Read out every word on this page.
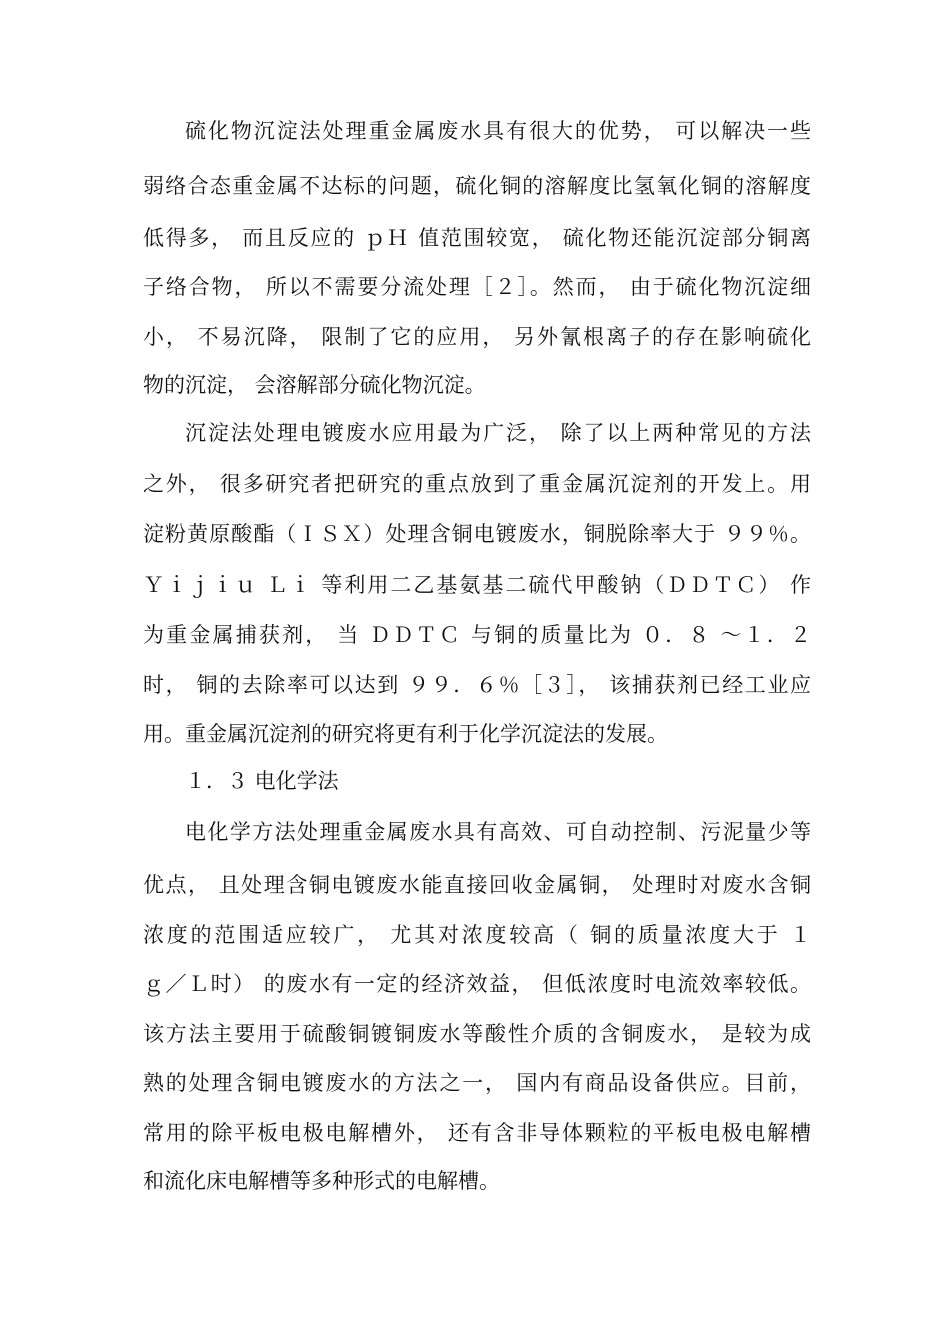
硫化物沉淀法处理重金属废水具有很大的优势， 可以解决一些
弱络合态重金属不达标的问题，硫化铜的溶解度比氢氧化铜的溶解度
低得多， 而且反应的 ｐＨ 值范围较宽， 硫化物还能沉淀部分铜离
子络合物， 所以不需要分流处理［２］。然而， 由于硫化物沉淀细
小， 不易沉降， 限制了它的应用， 另外氰根离子的存在影响硫化
物的沉淀， 会溶解部分硫化物沉淀。
沉淀法处理电镀废水应用最为广泛， 除了以上两种常见的方法
之外， 很多研究者把研究的重点放到了重金属沉淀剂的开发上。用
淀粉黄原酸酯（ＩＳＸ）处理含铜电镀废水，铜脱除率大于 ９９％。
Ｙｉｊｉｕ Ｌｉ 等利用二乙基氨基二硫代甲酸钠（ＤＤＴＣ） 作
为重金属捕获剂， 当 ＤＤＴＣ 与铜的质量比为 ０．８ ～１．２
时， 铜的去除率可以达到 ９９．６％［３］， 该捕获剂已经工业应
用。重金属沉淀剂的研究将更有利于化学沉淀法的发展。
１．３ 电化学法
电化学方法处理重金属废水具有高效、可自动控制、污泥量少等
优点， 且处理含铜电镀废水能直接回收金属铜， 处理时对废水含铜
浓度的范围适应较广， 尤其对浓度较高（ 铜的质量浓度大于 １
ｇ／Ｌ时） 的废水有一定的经济效益， 但低浓度时电流效率较低。
该方法主要用于硫酸铜镀铜废水等酸性介质的含铜废水， 是较为成
熟的处理含铜电镀废水的方法之一， 国内有商品设备供应。目前，
常用的除平板电极电解槽外， 还有含非导体颗粒的平板电极电解槽
和流化床电解槽等多种形式的电解槽。
